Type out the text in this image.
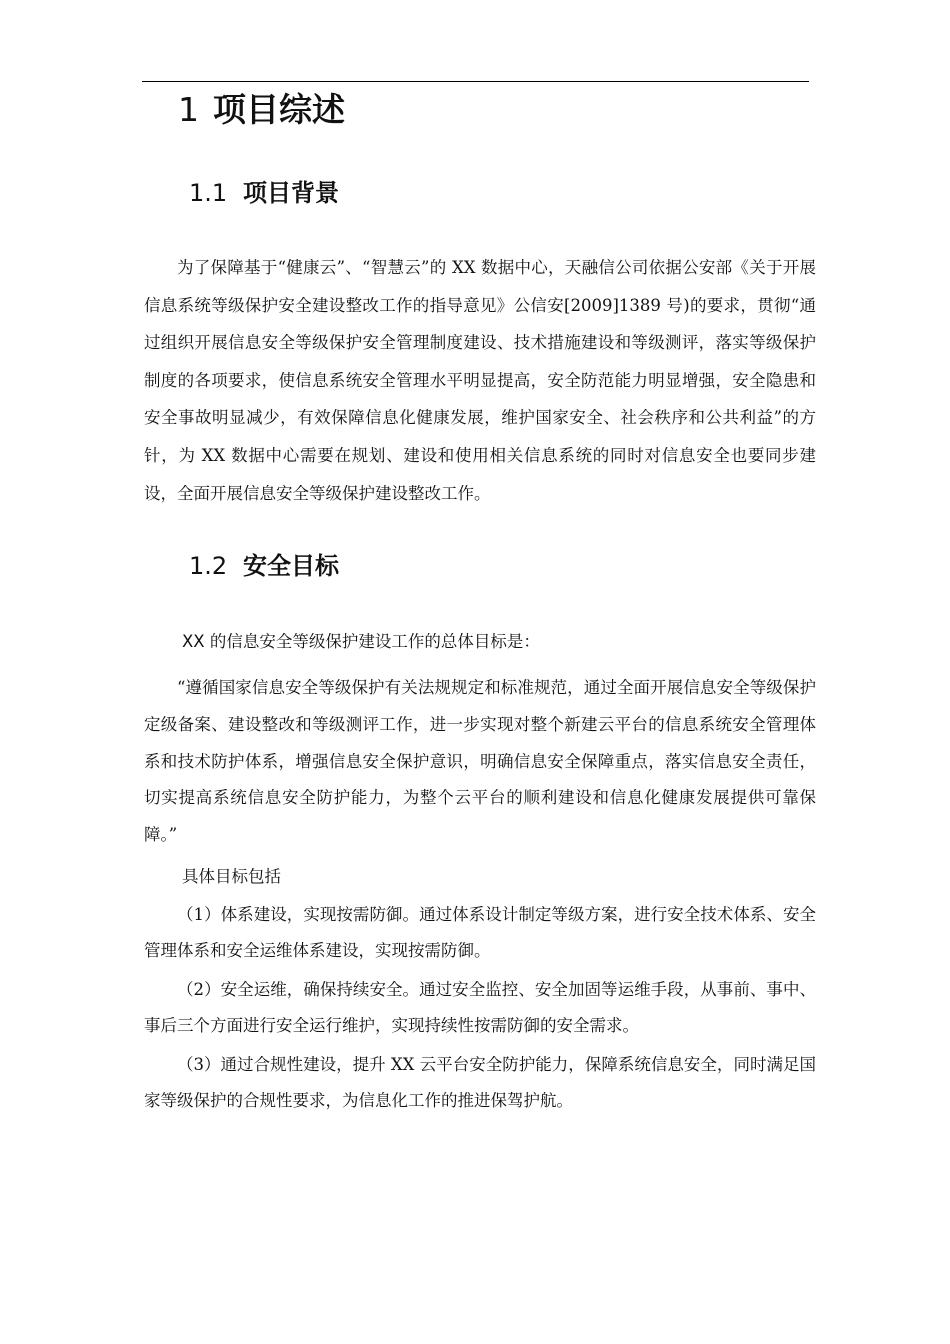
1 项目综述
1.1 项目背景

为了保障基于“健康云”、“智慧云”的 XX 数据中心，天融信公司依据公安部《关于开展信息系统等级保护安全建设整改工作的指导意见》公信安[2009]1389 号)的要求，贯彻“通过组织开展信息安全等级保护安全管理制度建设、技术措施建设和等级测评，落实等级保护制度的各项要求，使信息系统安全管理水平明显提高，安全防范能力明显增强，安全隐患和安全事故明显减少，有效保障信息化健康发展，维护国家安全、社会秩序和公共利益”的方针，为 XX 数据中心需要在规划、建设和使用相关信息系统的同时对信息安全也要同步建设，全面开展信息安全等级保护建设整改工作。

1.2 安全目标
XX 的信息安全等级保护建设工作的总体目标是：

“遵循国家信息安全等级保护有关法规规定和标准规范，通过全面开展信息安全等级保护定级备案、建设整改和等级测评工作，进一步实现对整个新建云平台的信息系统安全管理体系和技术防护体系，增强信息安全保护意识，明确信息安全保障重点，落实信息安全责任，切实提高系统信息安全防护能力，为整个云平台的顺利建设和信息化健康发展提供可靠保障。”

具体目标包括

（1）体系建设，实现按需防御。通过体系设计制定等级方案，进行安全技术体系、安全管理体系和安全运维体系建设，实现按需防御。

（2）安全运维，确保持续安全。通过安全监控、安全加固等运维手段，从事前、事中、事后三个方面进行安全运行维护，实现持续性按需防御的安全需求。

（3）通过合规性建设，提升 XX 云平台安全防护能力，保障系统信息安全，同时满足国家等级保护的合规性要求，为信息化工作的推进保驾护航。
